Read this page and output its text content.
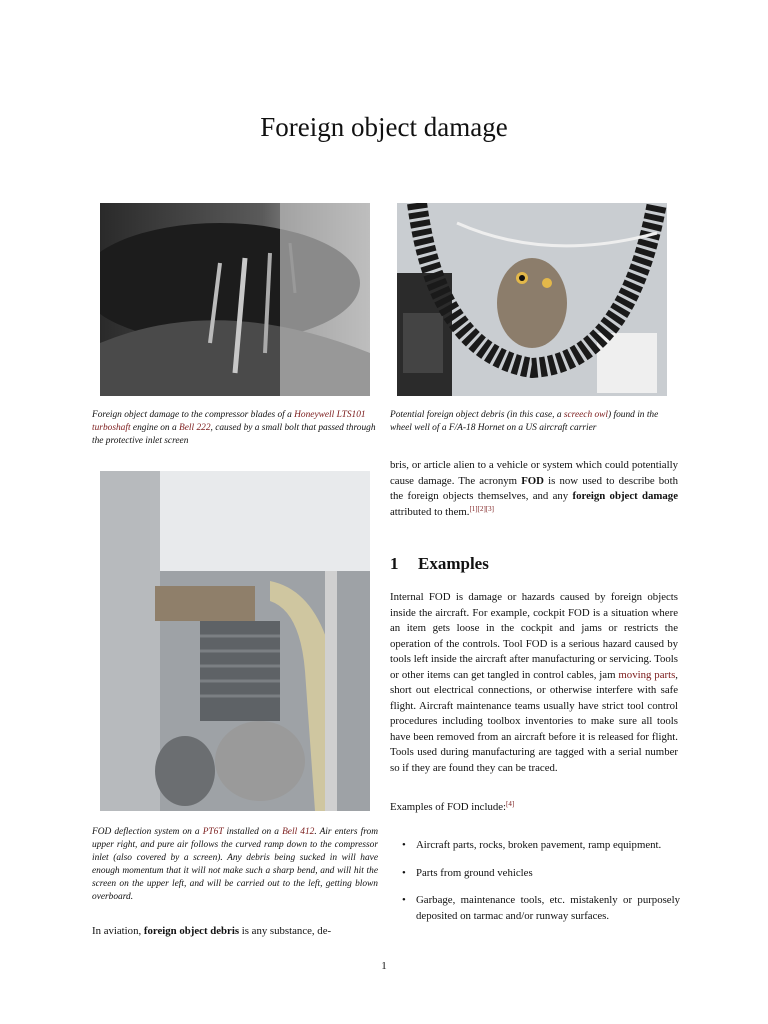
Foreign object damage
Foreign object damage to the compressor blades of a Honeywell LTS101 turboshaft engine on a Bell 222, caused by a small bolt that passed through the protective inlet screen
Potential foreign object debris (in this case, a screech owl) found in the wheel well of a F/A-18 Hornet on a US aircraft carrier
FOD deflection system on a PT6T installed on a Bell 412. Air enters from upper right, and pure air follows the curved ramp down to the compressor inlet (also covered by a screen). Any debris being sucked in will have enough momentum that it will not make such a sharp bend, and will hit the screen on the upper left, and will be carried out to the left, getting blown overboard.
In aviation, foreign object debris is any substance, de-
bris, or article alien to a vehicle or system which could potentially cause damage. The acronym FOD is now used to describe both the foreign objects themselves, and any foreign object damage attributed to them.[1][2][3]
1 Examples
Internal FOD is damage or hazards caused by foreign objects inside the aircraft. For example, cockpit FOD is a situation where an item gets loose in the cockpit and jams or restricts the operation of the controls. Tool FOD is a serious hazard caused by tools left inside the aircraft after manufacturing or servicing. Tools or other items can get tangled in control cables, jam moving parts, short out electrical connections, or otherwise interfere with safe flight. Aircraft maintenance teams usually have strict tool control procedures including toolbox inventories to make sure all tools have been removed from an aircraft before it is released for flight. Tools used during manufacturing are tagged with a serial number so if they are found they can be traced.
Examples of FOD include:[4]
• Aircraft parts, rocks, broken pavement, ramp equipment.
• Parts from ground vehicles
• Garbage, maintenance tools, etc. mistakenly or purposely deposited on tarmac and/or runway surfaces.
1
